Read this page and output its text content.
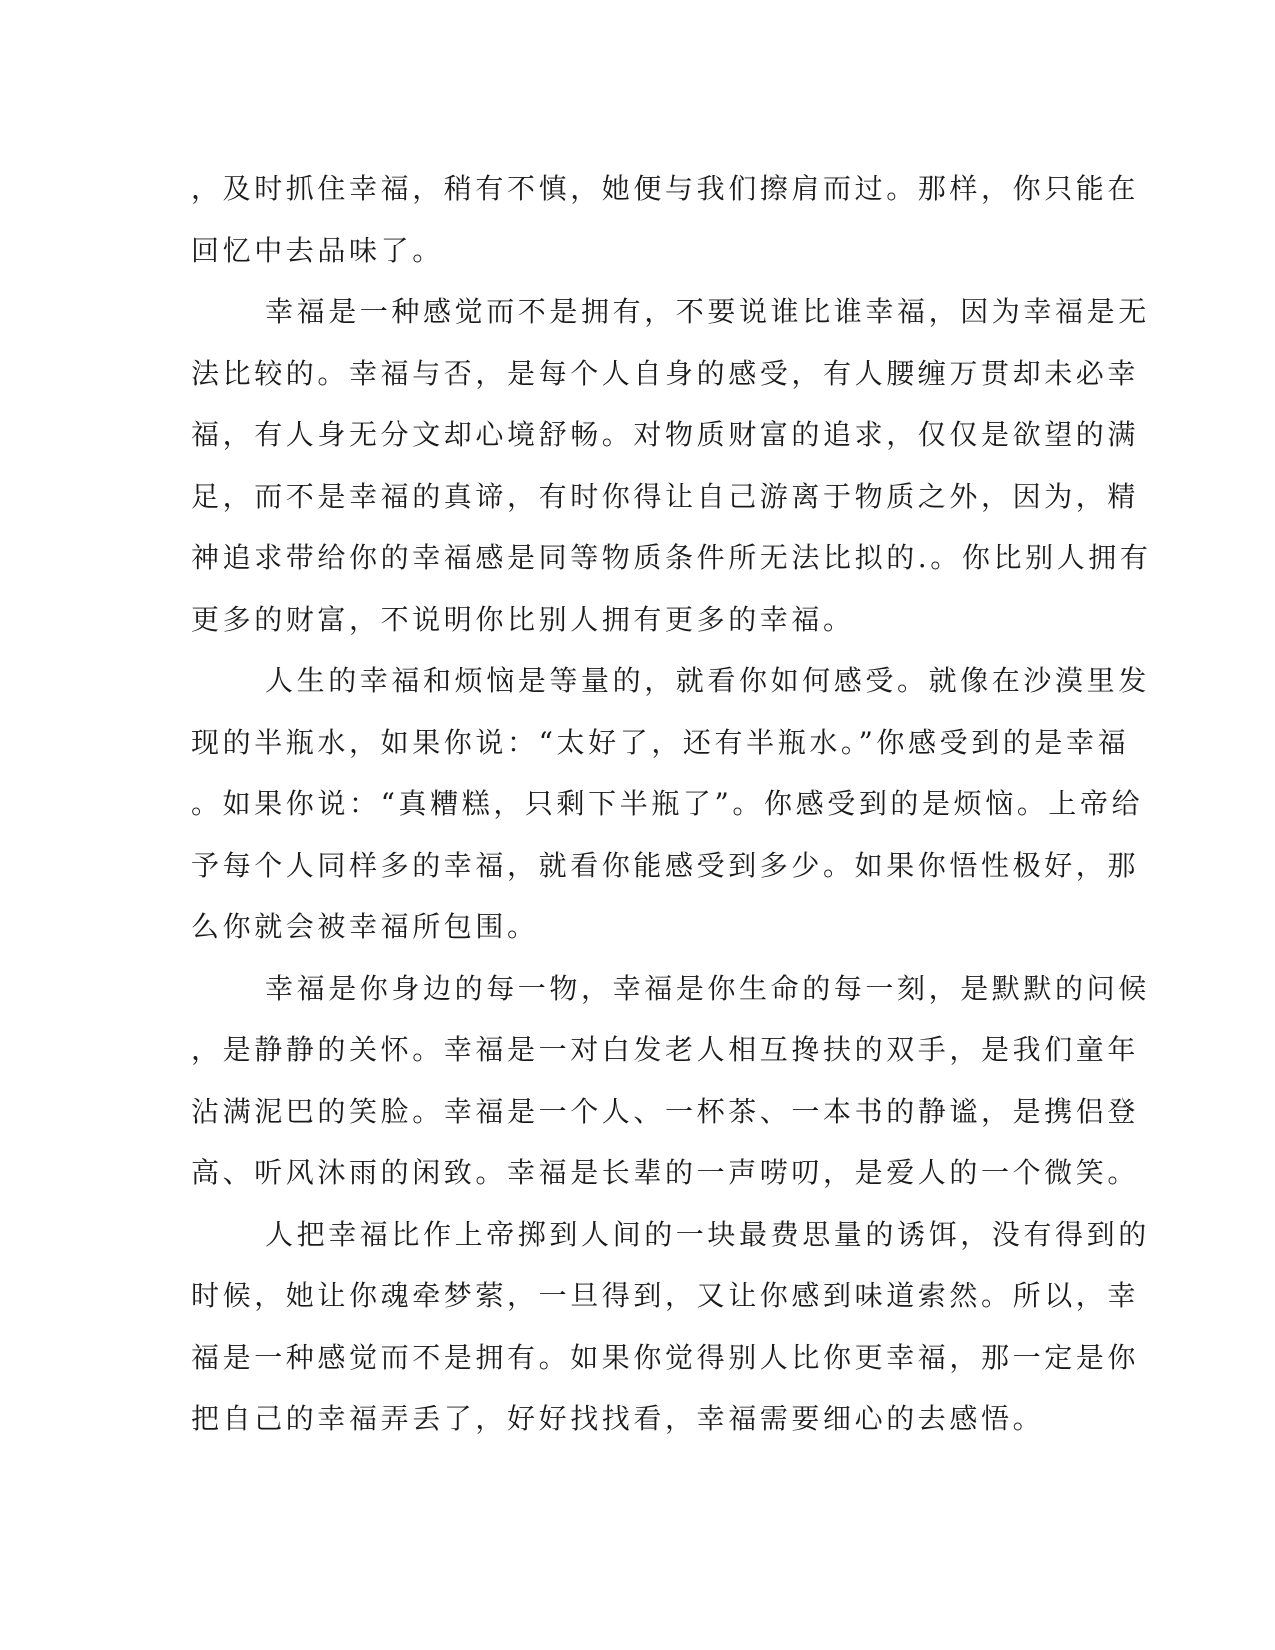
，及时抓住幸福，稍有不慎，她便与我们擦肩而过。那样，你只能在
回忆中去品味了。
幸福是一种感觉而不是拥有，不要说谁比谁幸福，因为幸福是无
法比较的。幸福与否，是每个人自身的感受，有人腰缠万贯却未必幸
福，有人身无分文却心境舒畅。对物质财富的追求，仅仅是欲望的满
足，而不是幸福的真谛，有时你得让自己游离于物质之外，因为，精
神追求带给你的幸福感是同等物质条件所无法比拟的.。你比别人拥有
更多的财富，不说明你比别人拥有更多的幸福。
人生的幸福和烦恼是等量的，就看你如何感受。就像在沙漠里发
现的半瓶水，如果你说：“太好了，还有半瓶水。”你感受到的是幸福
。如果你说：“真糟糕，只剩下半瓶了”。你感受到的是烦恼。上帝给
予每个人同样多的幸福，就看你能感受到多少。如果你悟性极好，那
么你就会被幸福所包围。
幸福是你身边的每一物，幸福是你生命的每一刻，是默默的问候
，是静静的关怀。幸福是一对白发老人相互搀扶的双手，是我们童年
沾满泥巴的笑脸。幸福是一个人、一杯茶、一本书的静谧，是携侣登
高、听风沐雨的闲致。幸福是长辈的一声唠叨，是爱人的一个微笑。
人把幸福比作上帝掷到人间的一块最费思量的诱饵，没有得到的
时候，她让你魂牵梦萦，一旦得到，又让你感到味道索然。所以，幸
福是一种感觉而不是拥有。如果你觉得别人比你更幸福，那一定是你
把自己的幸福弄丢了，好好找找看，幸福需要细心的去感悟。
